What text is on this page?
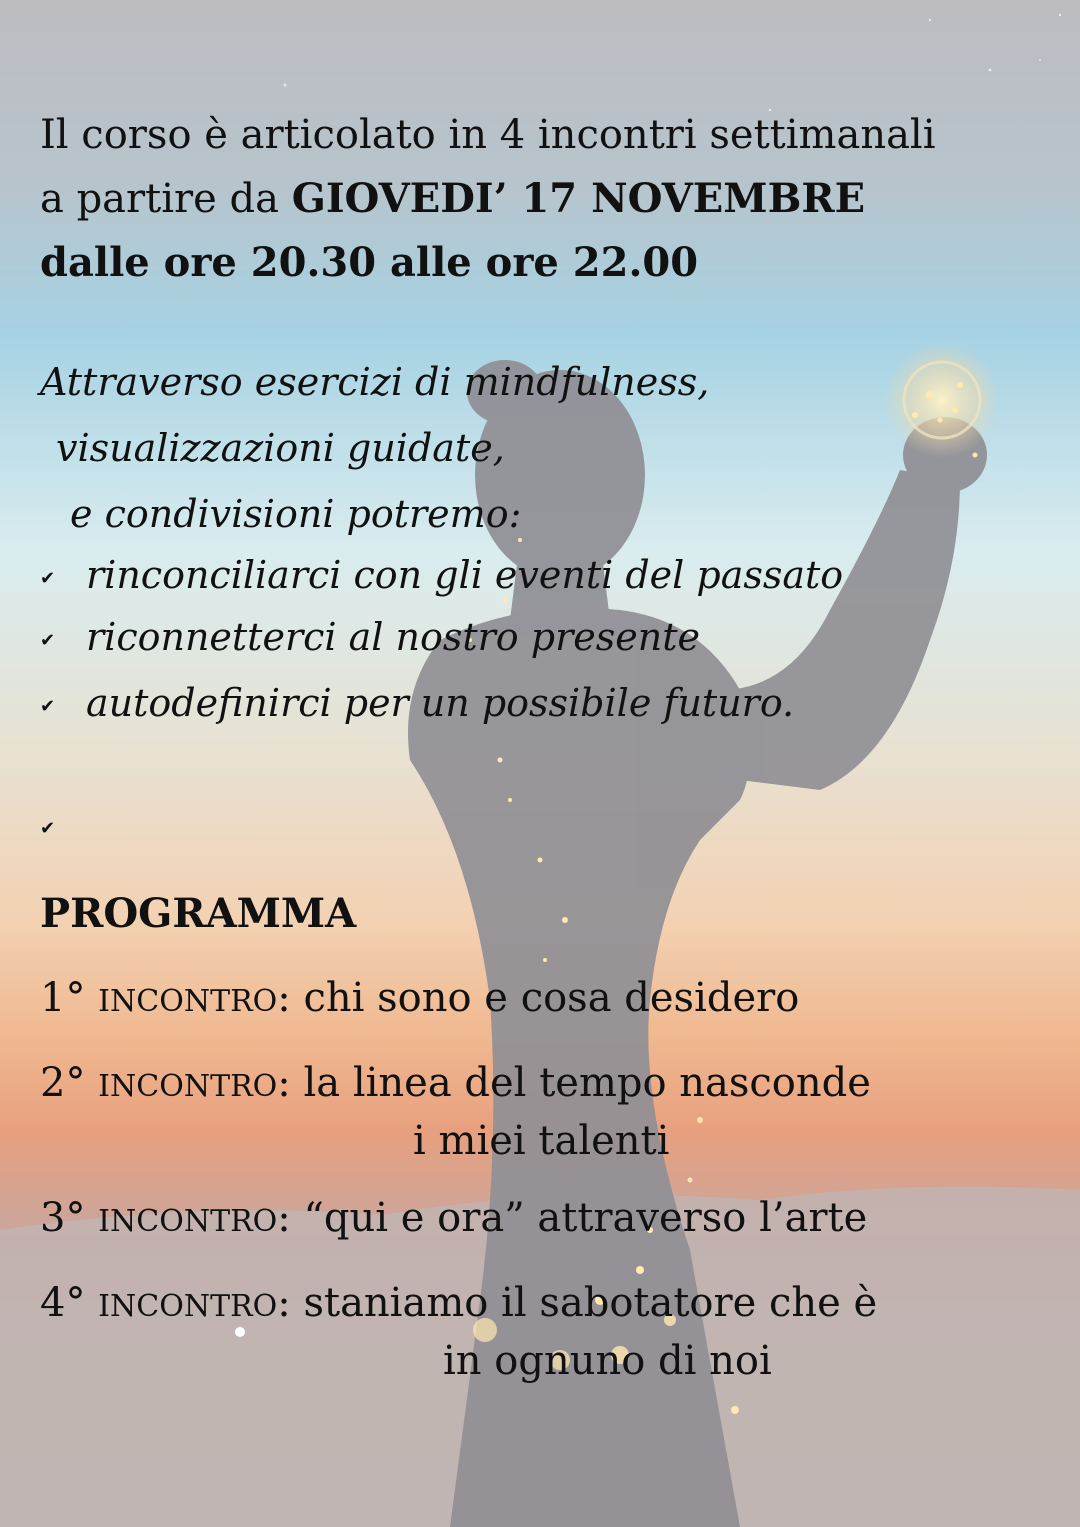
Il corso è articolato in 4 incontri settimanali
a partire da GIOVEDI’ 17 NOVEMBRE
dalle ore 20.30 alle ore 22.00
Attraverso esercizi di mindfulness,
visualizzazioni guidate,
e condivisioni potremo:
✔ rinconciliarci con gli eventi del passato
✔ riconnetterci al nostro presente
✔ autodefinirci per un possibile futuro.
✔
PROGRAMMA
1° INCONTRO: chi sono e cosa desidero
2° INCONTRO: la linea del tempo nasconde
i miei talenti
3° INCONTRO: “qui e ora” attraverso l’arte
4° INCONTRO: staniamo il sabotatore che è
in ognuno di noi
